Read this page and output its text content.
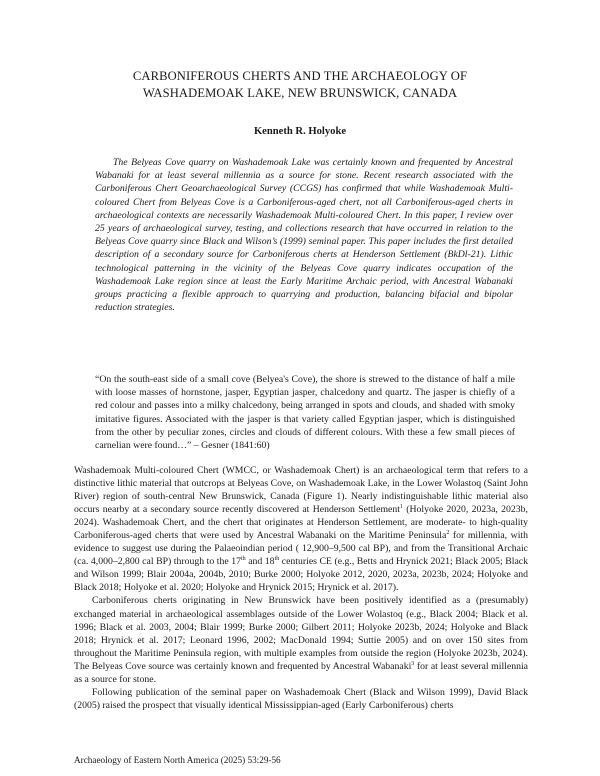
CARBONIFEROUS CHERTS AND THE ARCHAEOLOGY OF
WASHADEMOAK LAKE, NEW BRUNSWICK, CANADA
Kenneth R. Holyoke
The Belyeas Cove quarry on Washademoak Lake was certainly known and frequented by Ancestral Wabanaki for at least several millennia as a source for stone. Recent research associated with the Carboniferous Chert Geoarchaeological Survey (CCGS) has confirmed that while Washademoak Multi-coloured Chert from Belyeas Cove is a Carboniferous-aged chert, not all Carboniferous-aged cherts in archaeological contexts are necessarily Washademoak Multi-coloured Chert. In this paper, I review over 25 years of archaeological survey, testing, and collections research that have occurred in relation to the Belyeas Cove quarry since Black and Wilson’s (1999) seminal paper. This paper includes the first detailed description of a secondary source for Carboniferous cherts at Henderson Settlement (BkDl-21). Lithic technological patterning in the vicinity of the Belyeas Cove quarry indicates occupation of the Washademoak Lake region since at least the Early Maritime Archaic period, with Ancestral Wabanaki groups practicing a flexible approach to quarrying and production, balancing bifacial and bipolar reduction strategies.
“On the south-east side of a small cove (Belyea's Cove), the shore is strewed to the distance of half a mile with loose masses of hornstone, jasper, Egyptian jasper, chalcedony and quartz. The jasper is chiefly of a red colour and passes into a milky chalcedony, being arranged in spots and clouds, and shaded with smoky imitative figures. Associated with the jasper is that variety called Egyptian jasper, which is distinguished from the other by peculiar zones, circles and clouds of different colours. With these a few small pieces of carnelian were found…” – Gesner (1841:60)

Washademoak Multi-coloured Chert (WMCC, or Washademoak Chert) is an archaeological term that refers to a distinctive lithic material that outcrops at Belyeas Cove, on Washademoak Lake, in the Lower Wolastoq (Saint John River) region of south-central New Brunswick, Canada (Figure 1). Nearly indistinguishable lithic material also occurs nearby at a secondary source recently discovered at Henderson Settlement$^1$ (Holyoke 2020, 2023a, 2023b, 2024). Washademoak Chert, and the chert that originates at Henderson Settlement, are moderate- to high-quality Carboniferous-aged cherts that were used by Ancestral Wabanaki on the Maritime Peninsula$^2$ for millennia, with evidence to suggest use during the Palaeoindian period ( 12,900–9,500 cal BP), and from the Transitional Archaic (ca. 4,000–2,800 cal BP) through to the 17th and 18th centuries CE (e.g., Betts and Hrynick 2021; Black 2005; Black and Wilson 1999; Blair 2004a, 2004b, 2010; Burke 2000; Holyoke 2012, 2020, 2023a, 2023b, 2024; Holyoke and Black 2018; Holyoke et al. 2020; Holyoke and Hrynick 2015; Hrynick et al. 2017).

Carboniferous cherts originating in New Brunswick have been positively identified as a (presumably) exchanged material in archaeological assemblages outside of the Lower Wolastoq (e.g., Black 2004; Black et al. 1996; Black et al. 2003, 2004; Blair 1999; Burke 2000; Gilbert 2011; Holyoke 2023b, 2024; Holyoke and Black 2018; Hrynick et al. 2017; Leonard 1996, 2002; MacDonald 1994; Suttie 2005) and on over 150 sites from throughout the Maritime Peninsula region, with multiple examples from outside the region (Holyoke 2023b, 2024). The Belyeas Cove source was certainly known and frequented by Ancestral Wabanaki$^3$ for at least several millennia as a source for stone.

Following publication of the seminal paper on Washademoak Chert (Black and Wilson 1999), David Black (2005) raised the prospect that visually identical Mississippian-aged (Early Carboniferous) cherts

Archaeology of Eastern North America (2025) 53:29-56
